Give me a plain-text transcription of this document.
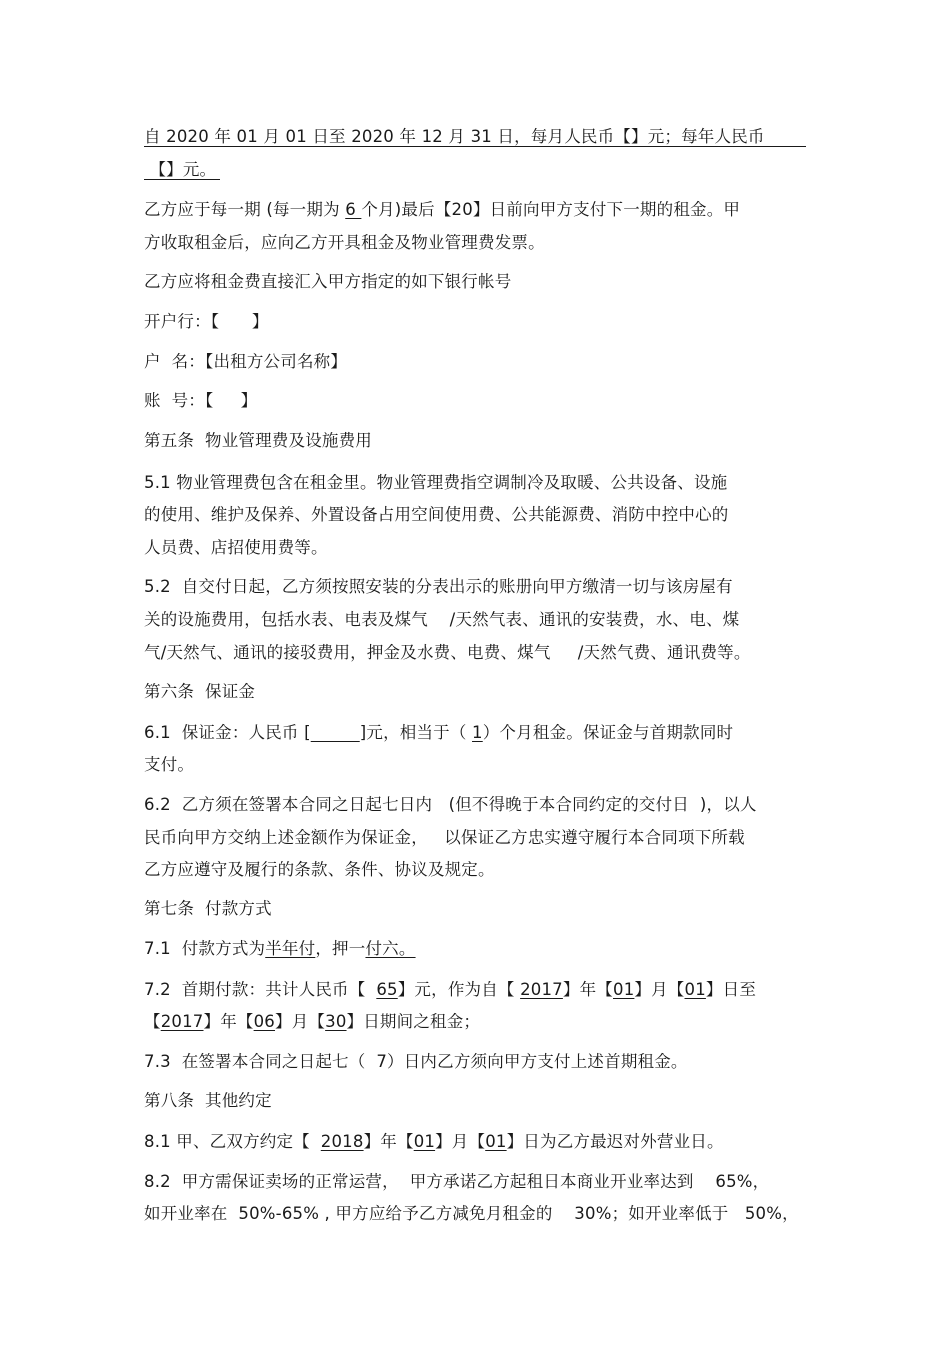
自 2020 年 01 月 01 日至 2020 年 12 月 31 日，每月人民币【】元；每年人民币
【】元。
乙方应于每一期 (每一期为 6 个月)最后【20】日前向甲方支付下一期的租金。甲
方收取租金后，应向乙方开具租金及物业管理费发票。
乙方应将租金费直接汇入甲方指定的如下银行帐号
开户行：【      】
户  名：【出租方公司名称】
账  号：【     】
第五条  物业管理费及设施费用
5.1 物业管理费包含在租金里。物业管理费指空调制冷及取暖、公共设备、设施
的使用、维护及保养、外置设备占用空间使用费、公共能源费、消防中控中心的
人员费、店招使用费等。
5.2  自交付日起，乙方须按照安装的分表出示的账册向甲方缴清一切与该房屋有
关的设施费用，包括水表、电表及煤气    /天然气表、通讯的安装费，水、电、煤
气/天然气、通讯的接驳费用，押金及水费、电费、煤气     /天然气费、通讯费等。
第六条  保证金
6.1  保证金：人民币 [	]元，相当于（ 1）个月租金。保证金与首期款同时
支付。
6.2  乙方须在签署本合同之日起七日内   (但不得晚于本合同约定的交付日  )，以人
民币向甲方交纳上述金额作为保证金，   以保证乙方忠实遵守履行本合同项下所载
乙方应遵守及履行的条款、条件、协议及规定。
第七条  付款方式
7.1  付款方式为半年付，押一付六。
7.2  首期付款：共计人民币【  65】元，作为自【 2017】年【01】月【01】日至
【2017】年【06】月【30】日期间之租金；
7.3  在签署本合同之日起七（  7）日内乙方须向甲方支付上述首期租金。
第八条  其他约定
8.1 甲、乙双方约定【  2018】年【01】月【01】日为乙方最迟对外营业日。
8.2  甲方需保证卖场的正常运营，  甲方承诺乙方起租日本商业开业率达到    65%，
如开业率在  50%-65% , 甲方应给予乙方减免月租金的    30%；如开业率低于   50%，
